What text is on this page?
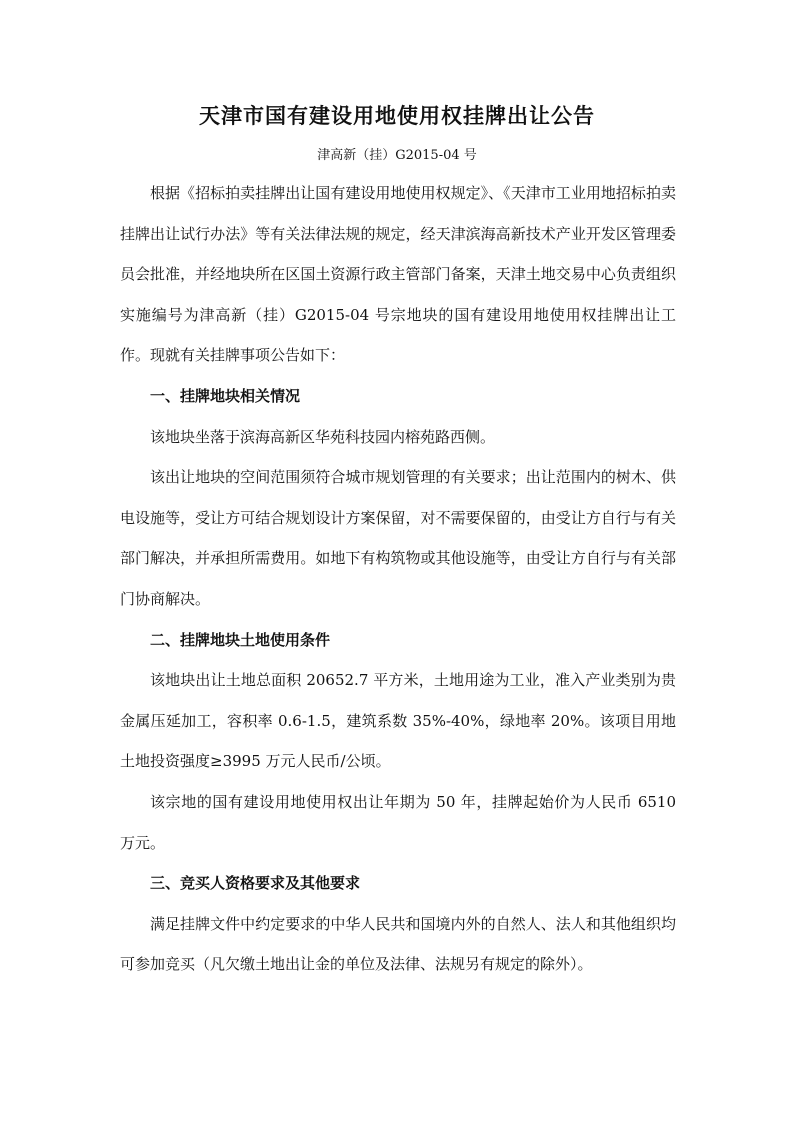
天津市国有建设用地使用权挂牌出让公告
津高新（挂）G2015-04 号

根据《招标拍卖挂牌出让国有建设用地使用权规定》、《天津市工业用地招标拍卖挂牌出让试行办法》等有关法律法规的规定，经天津滨海高新技术产业开发区管理委员会批准，并经地块所在区国土资源行政主管部门备案，天津土地交易中心负责组织实施编号为津高新（挂）G2015-04 号宗地块的国有建设用地使用权挂牌出让工作。现就有关挂牌事项公告如下：

一、挂牌地块相关情况

该地块坐落于滨海高新区华苑科技园内榕苑路西侧。

该出让地块的空间范围须符合城市规划管理的有关要求；出让范围内的树木、供电设施等，受让方可结合规划设计方案保留，对不需要保留的，由受让方自行与有关部门解决，并承担所需费用。如地下有构筑物或其他设施等，由受让方自行与有关部门协商解决。

二、挂牌地块土地使用条件

该地块出让土地总面积 20652.7 平方米，土地用途为工业，准入产业类别为贵金属压延加工，容积率 0.6-1.5，建筑系数 35%-40%，绿地率 20%。该项目用地土地投资强度≥3995 万元人民币/公顷。

该宗地的国有建设用地使用权出让年期为 50 年，挂牌起始价为人民币 6510 万元。

三、竞买人资格要求及其他要求

满足挂牌文件中约定要求的中华人民共和国境内外的自然人、法人和其他组织均可参加竞买（凡欠缴土地出让金的单位及法律、法规另有规定的除外）。
